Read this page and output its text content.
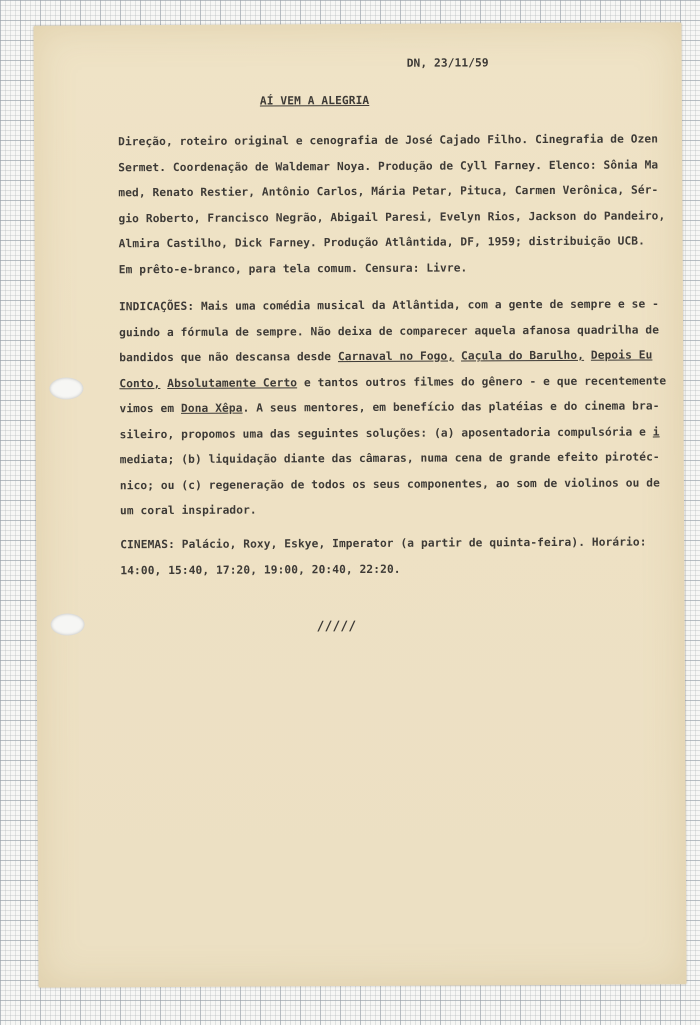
DN, 23/11/59
AÍ VEM A ALEGRIA
Direção, roteiro original e cenografia de José Cajado Filho. Cinegrafia de Ozen
Sermet. Coordenação de Waldemar Noya. Produção de Cyll Farney. Elenco: Sônia Ma
med, Renato Restier, Antônio Carlos, Mária Petar, Pituca, Carmen Verônica, Sér-
gio Roberto, Francisco Negrão, Abigail Paresi, Evelyn Rios, Jackson do Pandeiro,
Almira Castilho, Dick Farney. Produção Atlântida, DF, 1959; distribuição UCB.
Em prêto-e-branco, para tela comum. Censura: Livre.
INDICAÇÕES: Mais uma comédia musical da Atlântida, com a gente de sempre e se -
guindo a fórmula de sempre. Não deixa de comparecer aquela afanosa quadrilha de
bandidos que não descansa desde Carnaval no Fogo, Caçula do Barulho, Depois Eu
Conto, Absolutamente Certo e tantos outros filmes do gênero - e que recentemente
vimos em Dona Xêpa. A seus mentores, em benefício das platéias e do cinema bra-
sileiro, propomos uma das seguintes soluções: (a) aposentadoria compulsória e i
mediata; (b) liquidação diante das câmaras, numa cena de grande efeito pirotéc-
nico; ou (c) regeneração de todos os seus componentes, ao som de violinos ou de
um coral inspirador.
CINEMAS: Palácio, Roxy, Eskye, Imperator (a partir de quinta-feira). Horário:
14:00, 15:40, 17:20, 19:00, 20:40, 22:20.
/////
